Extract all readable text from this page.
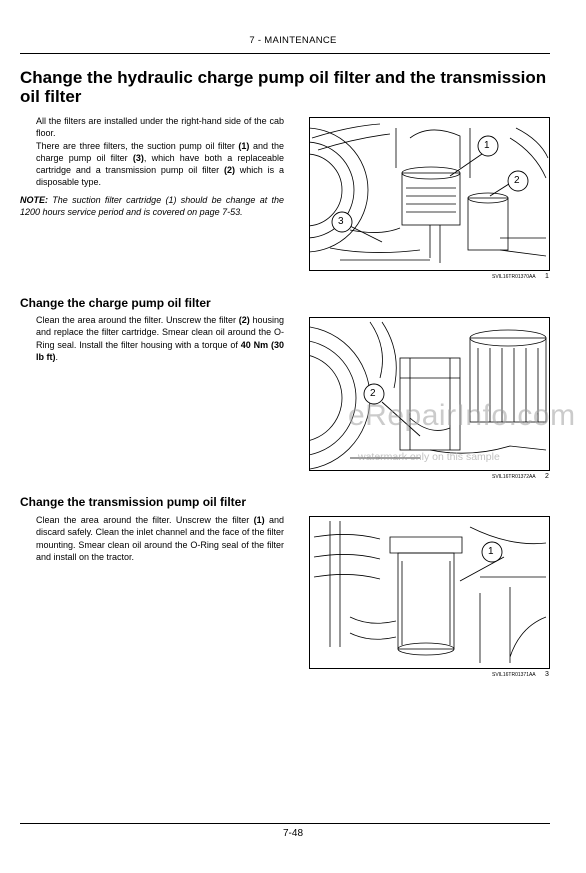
7 - MAINTENANCE
Change the hydraulic charge pump oil filter and the transmission oil filter
All the filters are installed under the right-hand side of the cab floor.
There are three filters, the suction pump oil filter (1) and the charge pump oil filter (3), which have both a replaceable cartridge and a transmission pump oil filter (2) which is a disposable type.
NOTE: The suction filter cartridge (1) should be change at the 1200 hours service period and is covered on page 7-53.
1
2
3
SVIL16TR01370AA 1
Change the charge pump oil filter
Clean the area around the filter. Unscrew the filter (2) housing and replace the filter cartridge. Smear clean oil around the O-Ring seal. Install the filter housing with a torque of 40 Nm (30 lb ft).
2
SVIL16TR01372AA 2
Change the transmission pump oil filter
Clean the area around the filter. Unscrew the filter (1) and discard safely. Clean the inlet channel and the face of the filter mounting. Smear clean oil around the O-Ring seal of the filter and install on the tractor.	1
SVIL16TR01371AA 3
eRepairInfo.com
watermark only on this sample
7-48
